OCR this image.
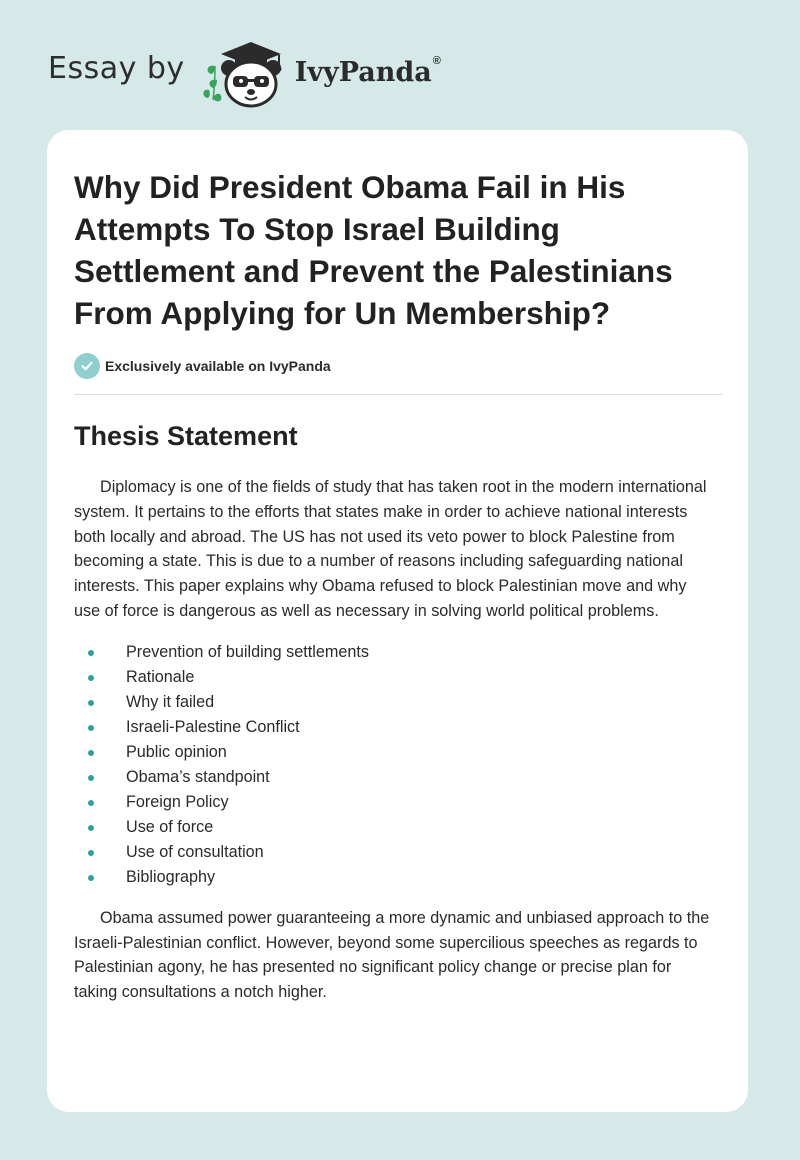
Essay by	IvyPanda®
Why Did President Obama Fail in His Attempts To Stop Israel Building Settlement and Prevent the Palestinians From Applying for Un Membership?
Exclusively available on IvyPanda
Thesis Statement

Diplomacy is one of the fields of study that has taken root in the modern international system. It pertains to the efforts that states make in order to achieve national interests both locally and abroad. The US has not used its veto power to block Palestine from becoming a state. This is due to a number of reasons including safeguarding national interests. This paper explains why Obama refused to block Palestinian move and why use of force is dangerous as well as necessary in solving world political problems.

Prevention of building settlements
Rationale
Why it failed
Israeli-Palestine Conflict
Public opinion
Obama’s standpoint
Foreign Policy
Use of force
Use of consultation
Bibliography

Obama assumed power guaranteeing a more dynamic and unbiased approach to the Israeli-Palestinian conflict. However, beyond some supercilious speeches as regards to Palestinian agony, he has presented no significant policy change or precise plan for taking consultations a notch higher.
